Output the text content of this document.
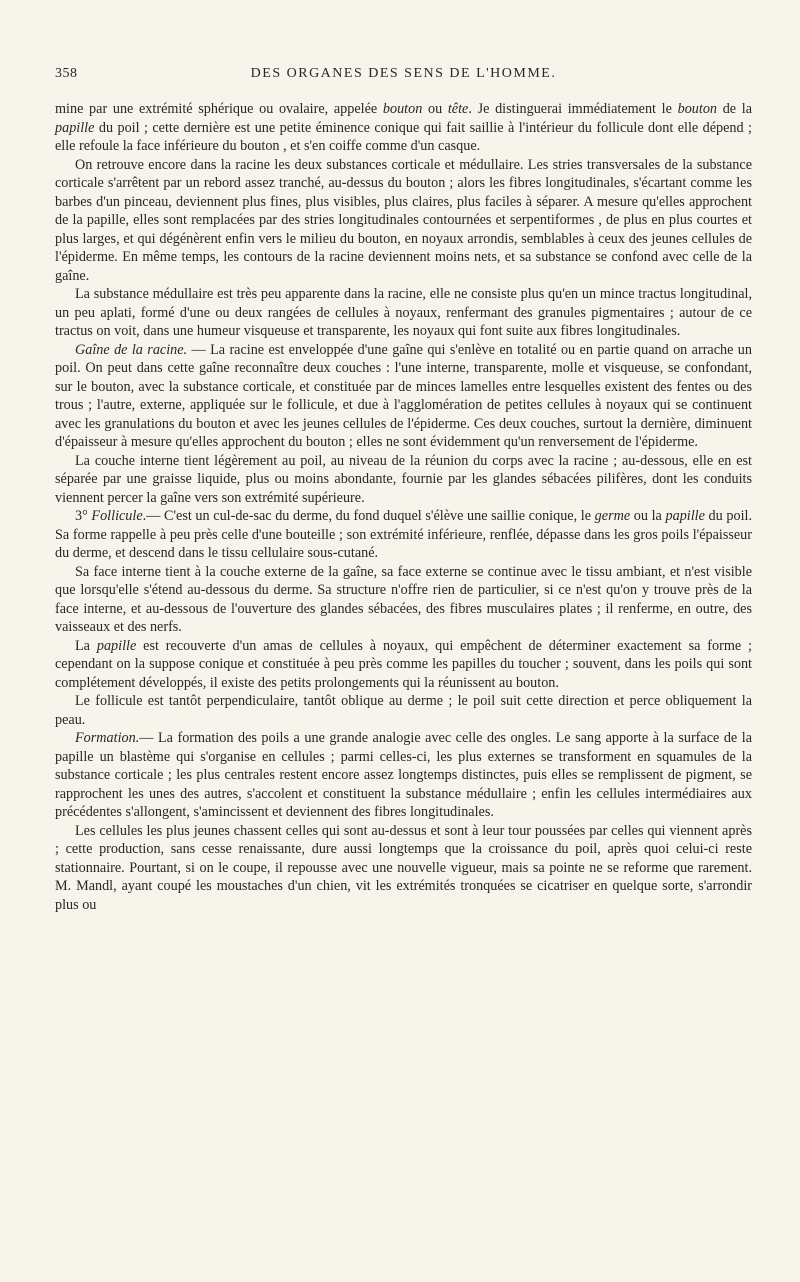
358	DES ORGANES DES SENS DE L'HOMME.

mine par une extrémité sphérique ou ovalaire, appelée bouton ou tête. Je distinguerai immédiatement le bouton de la papille du poil ; cette dernière est une petite éminence conique qui fait saillie à l'intérieur du follicule dont elle dépend ; elle refoule la face inférieure du bouton , et s'en coiffe comme d'un casque.

On retrouve encore dans la racine les deux substances corticale et médullaire. Les stries transversales de la substance corticale s'arrêtent par un rebord assez tranché, au-dessus du bouton ; alors les fibres longitudinales, s'écartant comme les barbes d'un pinceau, deviennent plus fines, plus visibles, plus claires, plus faciles à séparer. A mesure qu'elles approchent de la papille, elles sont remplacées par des stries longitudinales contournées et serpentiformes , de plus en plus courtes et plus larges, et qui dégénèrent enfin vers le milieu du bouton, en noyaux arrondis, semblables à ceux des jeunes cellules de l'épiderme. En même temps, les contours de la racine deviennent moins nets, et sa substance se confond avec celle de la gaîne.

La substance médullaire est très peu apparente dans la racine, elle ne consiste plus qu'en un mince tractus longitudinal, un peu aplati, formé d'une ou deux rangées de cellules à noyaux, renfermant des granules pigmentaires ; autour de ce tractus on voit, dans une humeur visqueuse et transparente, les noyaux qui font suite aux fibres longitudinales.

Gaîne de la racine. — La racine est enveloppée d'une gaîne qui s'enlève en totalité ou en partie quand on arrache un poil. On peut dans cette gaîne reconnaître deux couches : l'une interne, transparente, molle et visqueuse, se confondant, sur le bouton, avec la substance corticale, et constituée par de minces lamelles entre lesquelles existent des fentes ou des trous ; l'autre, externe, appliquée sur le follicule, et due à l'agglomération de petites cellules à noyaux qui se continuent avec les granulations du bouton et avec les jeunes cellules de l'épiderme. Ces deux couches, surtout la dernière, diminuent d'épaisseur à mesure qu'elles approchent du bouton ; elles ne sont évidemment qu'un renversement de l'épiderme.

La couche interne tient légèrement au poil, au niveau de la réunion du corps avec la racine ; au-dessous, elle en est séparée par une graisse liquide, plus ou moins abondante, fournie par les glandes sébacées pilifères, dont les conduits viennent percer la gaîne vers son extrémité supérieure.

3° Follicule.— C'est un cul-de-sac du derme, du fond duquel s'élève une saillie conique, le germe ou la papille du poil. Sa forme rappelle à peu près celle d'une bouteille ; son extrémité inférieure, renflée, dépasse dans les gros poils l'épaisseur du derme, et descend dans le tissu cellulaire sous-cutané.

Sa face interne tient à la couche externe de la gaîne, sa face externe se continue avec le tissu ambiant, et n'est visible que lorsqu'elle s'étend au-dessous du derme. Sa structure n'offre rien de particulier, si ce n'est qu'on y trouve près de la face interne, et au-dessous de l'ouverture des glandes sébacées, des fibres musculaires plates ; il renferme, en outre, des vaisseaux et des nerfs.

La papille est recouverte d'un amas de cellules à noyaux, qui empêchent de déterminer exactement sa forme ; cependant on la suppose conique et constituée à peu près comme les papilles du toucher ; souvent, dans les poils qui sont complétement développés, il existe des petits prolongements qui la réunissent au bouton.

Le follicule est tantôt perpendiculaire, tantôt oblique au derme ; le poil suit cette direction et perce obliquement la peau.

Formation.— La formation des poils a une grande analogie avec celle des ongles. Le sang apporte à la surface de la papille un blastème qui s'organise en cellules ; parmi celles-ci, les plus externes se transforment en squamules de la substance corticale ; les plus centrales restent encore assez longtemps distinctes, puis elles se remplissent de pigment, se rapprochent les unes des autres, s'accolent et constituent la substance médullaire ; enfin les cellules intermédiaires aux précédentes s'allongent, s'amincissent et deviennent des fibres longitudinales.

Les cellules les plus jeunes chassent celles qui sont au-dessus et sont à leur tour poussées par celles qui viennent après ; cette production, sans cesse renaissante, dure aussi longtemps que la croissance du poil, après quoi celui-ci reste stationnaire. Pourtant, si on le coupe, il repousse avec une nouvelle vigueur, mais sa pointe ne se reforme que rarement. M. Mandl, ayant coupé les moustaches d'un chien, vit les extrémités tronquées se cicatriser en quelque sorte, s'arrondir plus ou
